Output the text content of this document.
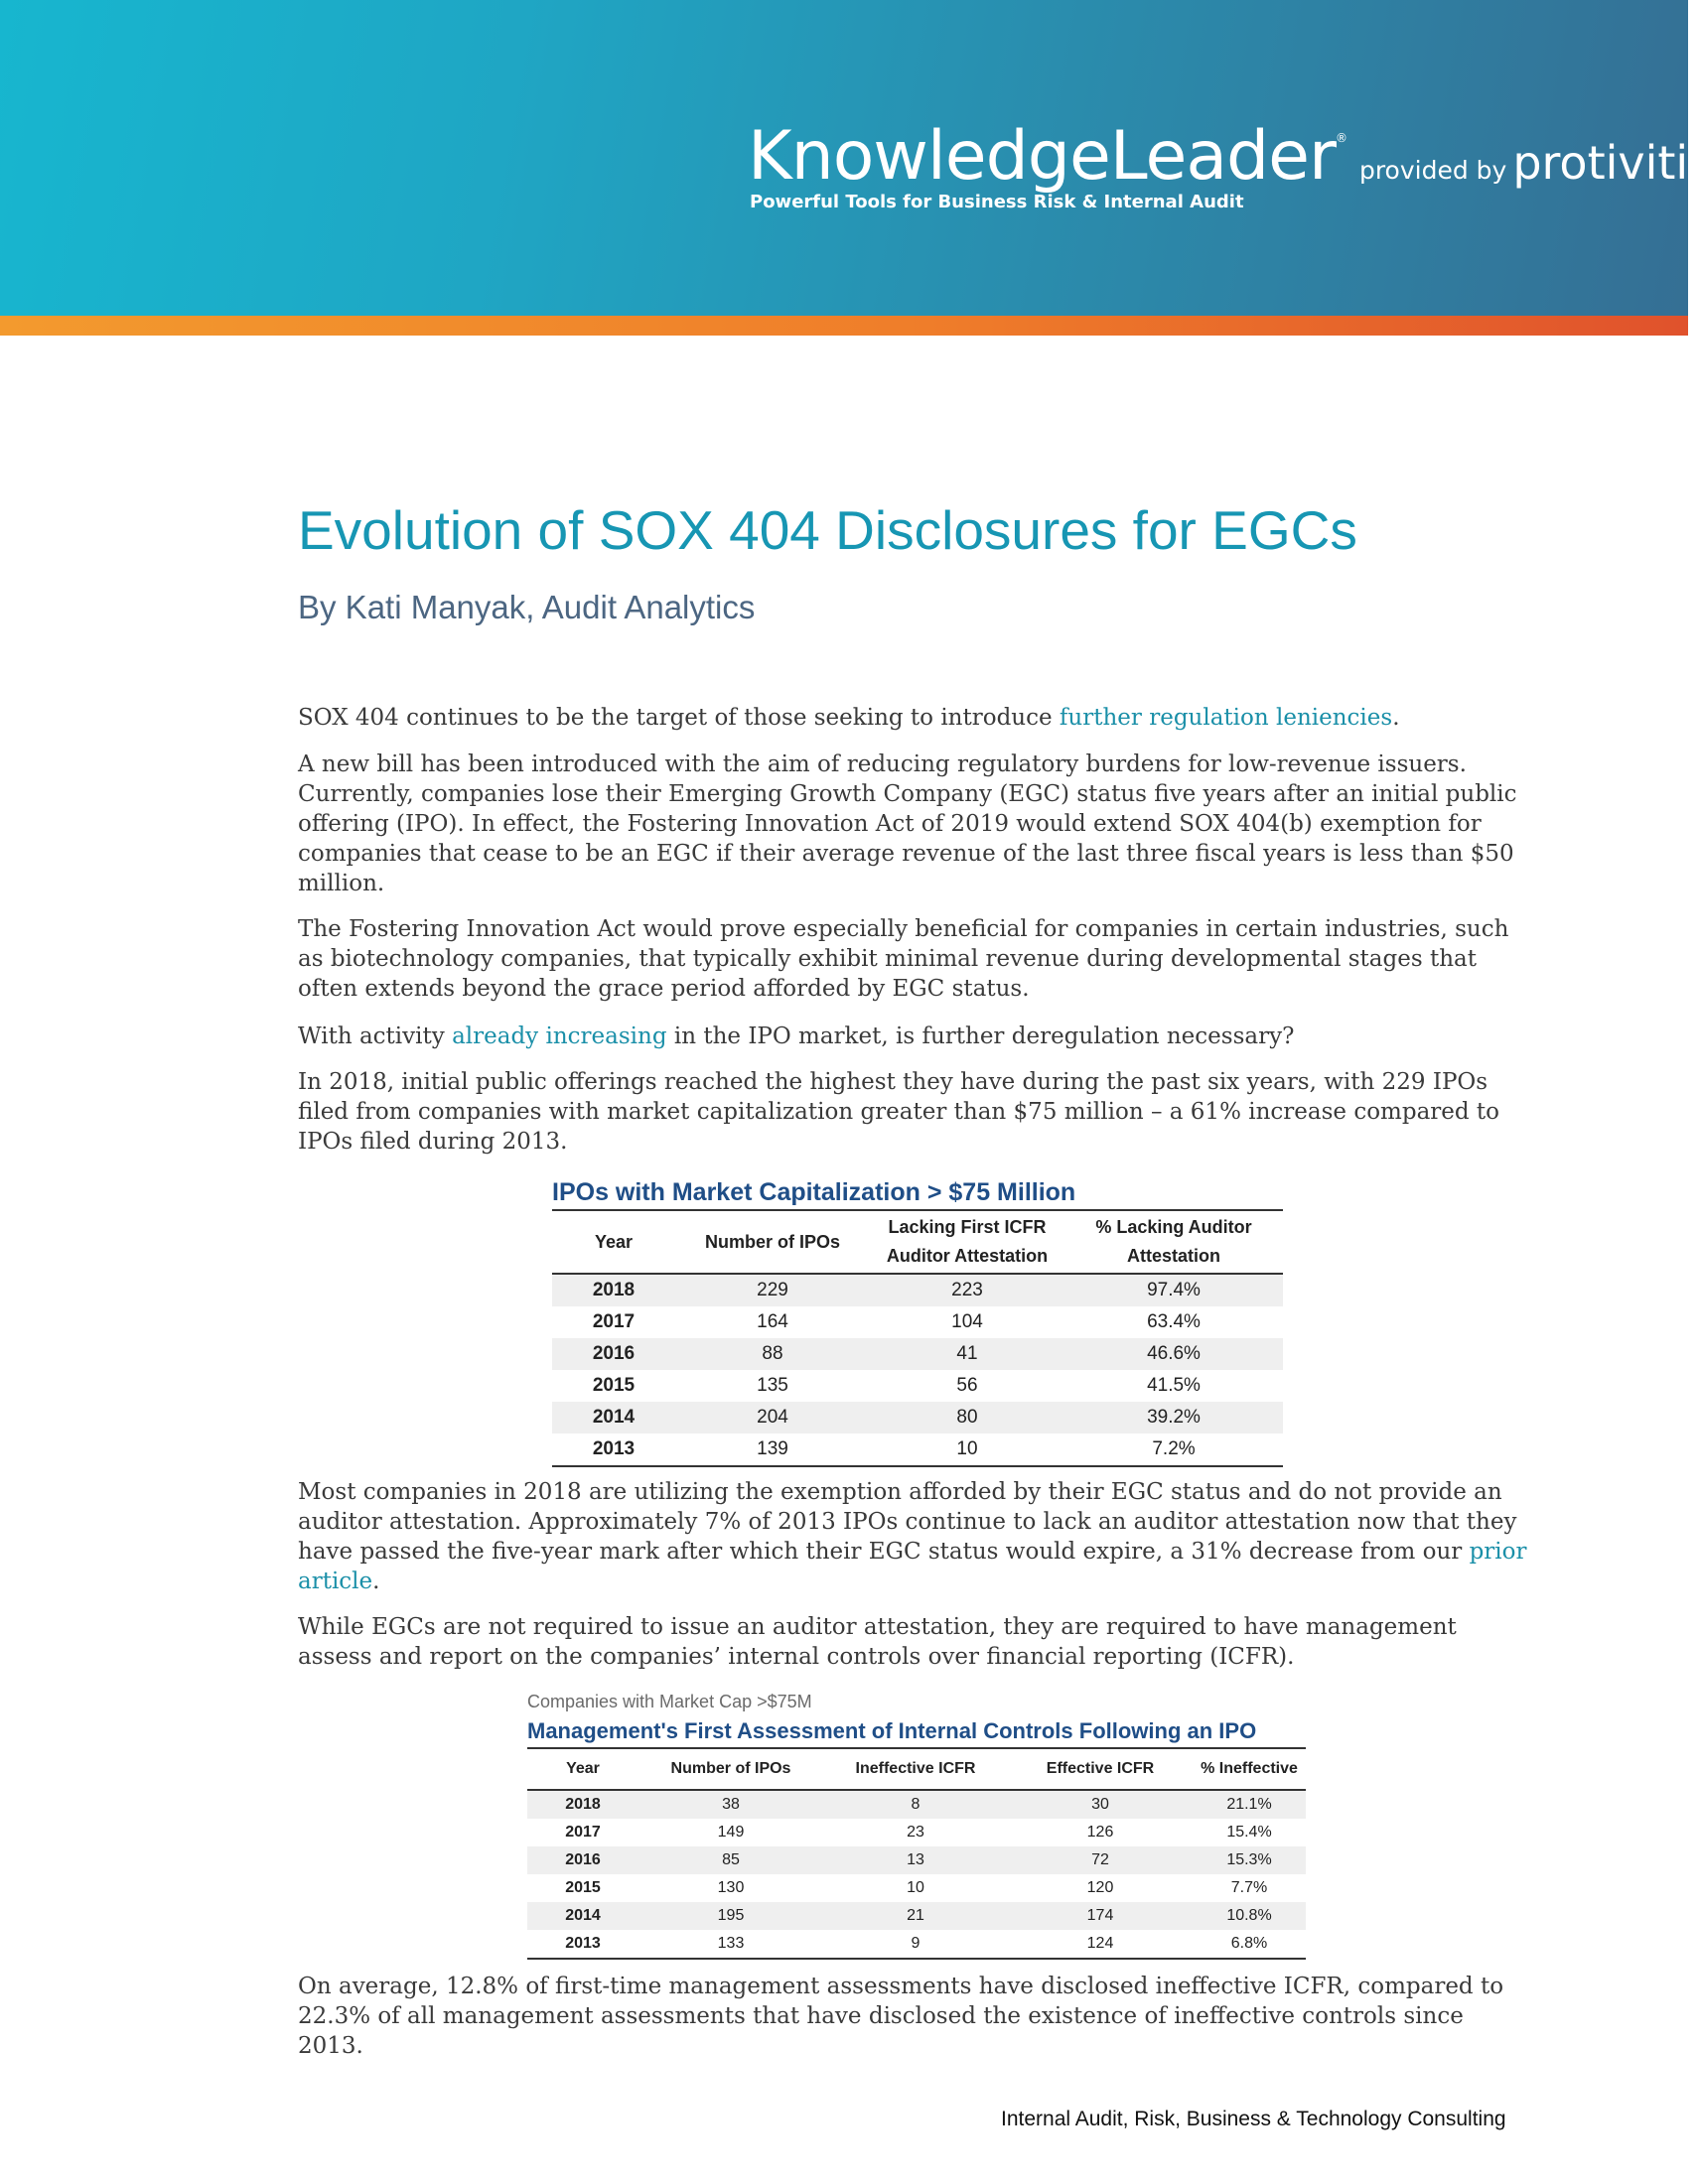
KnowledgeLeader®provided by protiviti®
Powerful Tools for Business Risk & Internal Audit
Evolution of SOX 404 Disclosures for EGCs
By Kati Manyak, Audit Analytics

SOX 404 continues to be the target of those seeking to introduce further regulation leniencies.

A new bill has been introduced with the aim of reducing regulatory burdens for low-revenue issuers. Currently, companies lose their Emerging Growth Company (EGC) status five years after an initial public offering (IPO). In effect, the Fostering Innovation Act of 2019 would extend SOX 404(b) exemption for companies that cease to be an EGC if their average revenue of the last three fiscal years is less than $50 million.

The Fostering Innovation Act would prove especially beneficial for companies in certain industries, such as biotechnology companies, that typically exhibit minimal revenue during developmental stages that often extends beyond the grace period afforded by EGC status.

With activity already increasing in the IPO market, is further deregulation necessary?

In 2018, initial public offerings reached the highest they have during the past six years, with 229 IPOs filed from companies with market capitalization greater than $75 million – a 61% increase compared to IPOs filed during 2013.

IPOs with Market Capitalization > $75 Million
Year	Number of IPOs	Lacking First ICFR Auditor Attestation	% Lacking Auditor Attestation
2018	229	223	97.4%
2017	164	104	63.4%
2016	88	41	46.6%
2015	135	56	41.5%
2014	204	80	39.2%
2013	139	10	7.2%

Most companies in 2018 are utilizing the exemption afforded by their EGC status and do not provide an auditor attestation. Approximately 7% of 2013 IPOs continue to lack an auditor attestation now that they have passed the five-year mark after which their EGC status would expire, a 31% decrease from our prior article.

While EGCs are not required to issue an auditor attestation, they are required to have management assess and report on the companies’ internal controls over financial reporting (ICFR).

Companies with Market Cap >$75M
Management's First Assessment of Internal Controls Following an IPO
Year	Number of IPOs	Ineffective ICFR	Effective ICFR	% Ineffective
2018	38	8	30	21.1%
2017	149	23	126	15.4%
2016	85	13	72	15.3%
2015	130	10	120	7.7%
2014	195	21	174	10.8%
2013	133	9	124	6.8%

On average, 12.8% of first-time management assessments have disclosed ineffective ICFR, compared to 22.3% of all management assessments that have disclosed the existence of ineffective controls since 2013.

Internal Audit, Risk, Business & Technology Consulting
